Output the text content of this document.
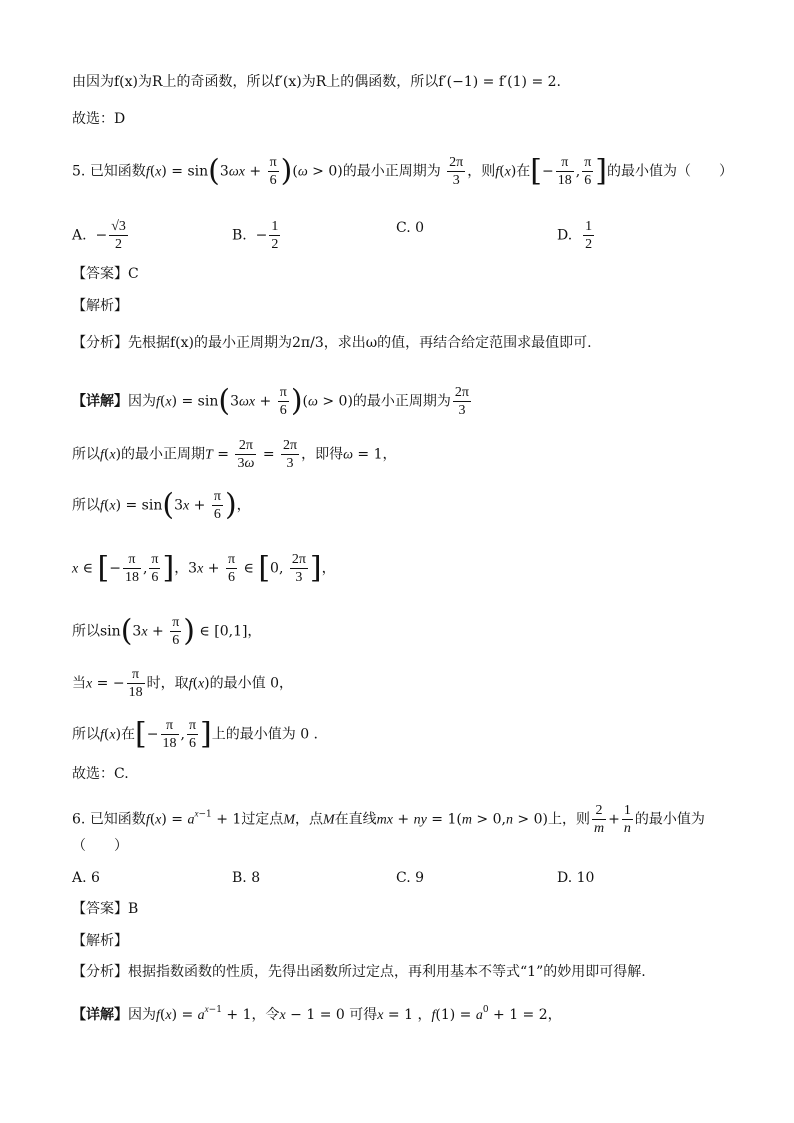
由因为f(x)为R上的奇函数，所以f′(x)为R上的偶函数，所以f′(−1) = f′(1) = 2.
故选：D
5. 已知函数$f(x) = \sin(3\omega x + \frac{\pi}{6} )(\omega > 0)$的最小正周期为 $\frac{2\pi}{3}$ ，则f(x)在[− $\frac{\pi}{18}$ , $\frac{\pi}{6}$ ]的最小值为（　　）
A.  − $\frac{√3}{2}$	B.  − $\frac{1}{2}$	C. 0	D. $\frac{1}{2}$
【答案】C
【解析】
【分析】先根据f(x)的最小正周期为2π/3，求出ω的值，再结合给定范围求最值即可.
【详解】因为$f(x) = \sin(3\omega x + \frac{\pi}{6} )(\omega > 0)$的最小正周期为 $\frac{2\pi}{3}$
所以f(x)的最小正周期$T = \frac{2\pi}{3\omega} = \frac{2\pi}{3}$ ，即得ω = 1，
所以$f(x) = \sin(3x + \frac{\pi}{6}$ )，
x ∈ [− $\frac{\pi}{18}$ , $\frac{\pi}{6}$ ]，$3x + \frac{\pi}{6}$ ∈ [0, $\frac{2\pi}{3}$ ]，
所以$\sin(3x + \frac{\pi}{6}$ ) ∈ [0,1]，
当x = − $\frac{\pi}{18}$ 时，取f(x)的最小值 0，
所以f(x)在[− $\frac{\pi}{18}$ , $\frac{\pi}{6}$ ]上的最小值为 0 .
故选：C.
6. 已知函数$f(x) = a^{x-1} + 1$过定点M，点M在直线mx + ny = 1(m > 0,n > 0)上，则 $\frac{2}{m} + \frac{1}{n}$ 的最小值为
（　　）
A. 6	B. 8	C. 9	D. 10
【答案】B
【解析】
【分析】根据指数函数的性质，先得出函数所过定点，再利用基本不等式“1”的妙用即可得解.
【详解】因为$f(x) = a^{x-1} + 1$，令x − 1 = 0 可得x = 1 ，$f(1) = a^0 + 1 = 2$，
